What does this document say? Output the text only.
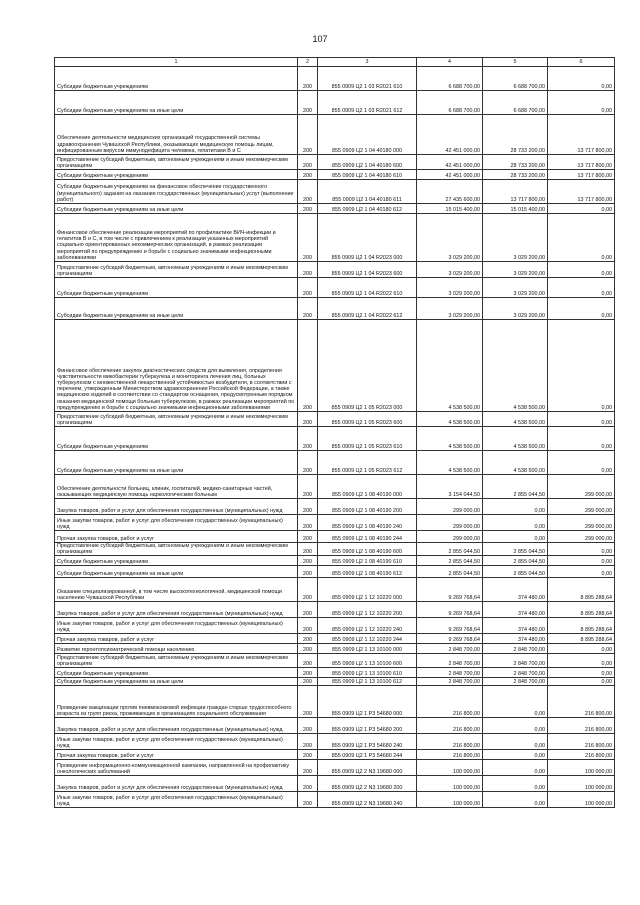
107
1	2	3	4	5	6
Субсидии бюджетным учреждениям	200	855 0909 Ц2 1 03 R2021 610	6 688 700,00	6 688 700,00	0,00
Субсидии бюджетным учреждениям на иные цели	200	855 0909 Ц2 1 03 R2021 612	6 688 700,00	6 688 700,00	0,00
Обеспечение деятельности медицинских организаций государственной системы здравоохранения Чувашской Республики, оказывающих медицинскую помощь лицам, инфицированным вирусом иммунодефицита человека, гепатитами В и С	200	855 0909 Ц2 1 04 40180 000	42 451 000,00	28 733 200,00	13 717 800,00
Предоставление субсидий бюджетным, автономным учреждениям и иным некоммерческим организациям	200	855 0909 Ц2 1 04 40180 600	42 451 000,00	28 733 200,00	13 717 800,00
Субсидии бюджетным учреждениям	200	855 0909 Ц2 1 04 40180 610	42 451 000,00	28 733 200,00	13 717 800,00
Субсидии бюджетным учреждениям на финансовое обеспечение государственного (муниципального) задания на оказание государственных (муниципальных) услуг (выполнение работ)	200	855 0909 Ц2 1 04 40180 611	27 435 600,00	13 717 800,00	13 717 800,00
Субсидии бюджетным учреждениям на иные цели	200	855 0909 Ц2 1 04 40180 612	15 015 400,00	15 015 400,00	0,00
Финансовое обеспечение реализации мероприятий по профилактике ВИЧ-инфекции и гепатитов В и С, в том числе с привлечением к реализации указанных мероприятий социально ориентированных некоммерческих организаций, в рамках реализации мероприятий по предупреждению и борьбе с социально значимыми инфекционными заболеваниями	200	855 0909 Ц2 1 04 R2023 000	3 029 200,00	3 029 200,00	0,00
Предоставление субсидий бюджетным, автономным учреждениям и иным некоммерческим организациям	200	855 0909 Ц2 1 04 R2023 600	3 029 200,00	3 029 200,00	0,00
Субсидии бюджетным учреждениям	200	855 0909 Ц2 1 04 R2022 610	3 029 200,00	3 029 200,00	0,00
Субсидии бюджетным учреждениям на иные цели	200	855 0909 Ц2 1 04 R2022 612	3 029 200,00	3 029 200,00	0,00
Финансовое обеспечение закупок диагностических средств для выявления, определения чувствительности микобактерии туберкулеза и мониторинга лечения лиц, больных туберкулезом с множественной лекарственной устойчивостью возбудителя, в соответствии с перечнем, утвержденным Министерством здравоохранения Российской Федерации, а также медицинских изделий в соответствии со стандартом оснащения, предусмотренным порядком оказания медицинской помощи больным туберкулезом, в рамках реализации мероприятий по предупреждению и борьбе с социально значимыми инфекционными заболеваниями	200	855 0909 Ц2 1 05 R2023 000	4 538 500,00	4 538 500,00	0,00
Предоставление субсидий бюджетным, автономным учреждениям и иным некоммерческим организациям	200	855 0909 Ц2 1 05 R2023 600	4 538 500,00	4 538 500,00	0,00
Субсидии бюджетным учреждениям	200	855 0909 Ц2 1 05 R2023 610	4 538 500,00	4 538 500,00	0,00
Субсидии бюджетным учреждениям на иные цели	200	855 0909 Ц2 1 05 R2023 612	4 538 500,00	4 538 500,00	0,00
Обеспечение деятельности больниц, клиник, госпиталей, медико-санитарных частей, оказывающих медицинскую помощь наркологическим больным	200	855 0909 Ц2 1 08 40190 000	3 154 044,50	2 855 044,50	299 000,00
Закупка товаров, работ и услуг для обеспечения государственных (муниципальных) нужд	200	855 0909 Ц2 1 08 40190 200	299 000,00	0,00	299 000,00
Иные закупки товаров, работ и услуг для обеспечения государственных (муниципальных) нужд	200	855 0909 Ц2 1 08 40190 240	299 000,00	0,00	299 000,00
Прочая закупка товаров, работ и услуг	200	855 0909 Ц2 1 08 40190 244	299 000,00	0,00	299 000,00
Предоставление субсидий бюджетным, автономным учреждениям и иным некоммерческим организациям	200	855 0909 Ц2 1 08 40190 600	2 855 044,50	2 855 044,50	0,00
Субсидии бюджетным учреждениям	200	855 0909 Ц2 1 08 40190 610	2 855 044,50	2 855 044,50	0,00
Субсидии бюджетным учреждениям на иные цели	200	855 0909 Ц2 1 08 40190 612	2 855 044,50	2 855 044,50	0,00
Оказание специализированной, в том числе высокотехнологичной, медицинской помощи населению Чувашской Республики	200	855 0909 Ц2 1 12 10220 000	9 269 768,64	374 480,00	8 895 288,64
Закупка товаров, работ и услуг для обеспечения государственных (муниципальных) нужд	200	855 0909 Ц2 1 12 10220 200	9 269 768,64	374 480,00	8 895 288,64
Иные закупки товаров, работ и услуг для обеспечения государственных (муниципальных) нужд	200	855 0909 Ц2 1 12 10220 240	9 269 768,64	374 480,00	8 895 288,64
Прочая закупка товаров, работ и услуг	200	855 0909 Ц2 1 12 10220 244	9 269 768,64	374 480,00	8 895 288,64
Развитие геронтопсихиатрической помощи населению	200	855 0909 Ц2 1 13 10100 000	2 848 700,00	2 848 700,00	0,00
Предоставление субсидий бюджетным, автономным учреждениям и иным некоммерческим организациям	200	855 0909 Ц2 1 13 10100 600	2 848 700,00	2 848 700,00	0,00
Субсидии бюджетным учреждениям	200	855 0909 Ц2 1 13 10100 610	2 848 700,00	2 848 700,00	0,00
Субсидии бюджетным учреждениям на иные цели	200	855 0909 Ц2 1 13 10100 612	2 848 700,00	2 848 700,00	0,00
Проведение вакцинации против пневмококковой инфекции граждан старше трудоспособного возраста из групп риска, проживающих в организациях социального обслуживания	200	855 0909 Ц2 1 Р3 54680 000	216 800,00	0,00	216 800,00
Закупка товаров, работ и услуг для обеспечения государственных (муниципальных) нужд	200	855 0909 Ц2 1 Р3 54680 200	216 800,00	0,00	216 800,00
Иные закупки товаров, работ и услуг для обеспечения государственных (муниципальных) нужд	200	855 0909 Ц2 1 Р3 54680 240	216 800,00	0,00	216 800,00
Прочая закупка товаров, работ и услуг	200	855 0909 Ц2 1 Р3 54680 244	216 800,00	0,00	216 800,00
Проведение информационно-коммуникационной кампании, направленной на профилактику онкологических заболеваний	200	855 0909 Ц2 2 N3 19680 000	100 000,00	0,00	100 000,00
Закупка товаров, работ и услуг для обеспечения государственных (муниципальных) нужд	200	855 0909 Ц2 2 N3 19680 200	100 000,00	0,00	100 000,00
Иные закупки товаров, работ и услуг для обеспечения государственных (муниципальных) нужд	200	855 0909 Ц2 2 N3 19680 240	100 000,00	0,00	100 000,00
